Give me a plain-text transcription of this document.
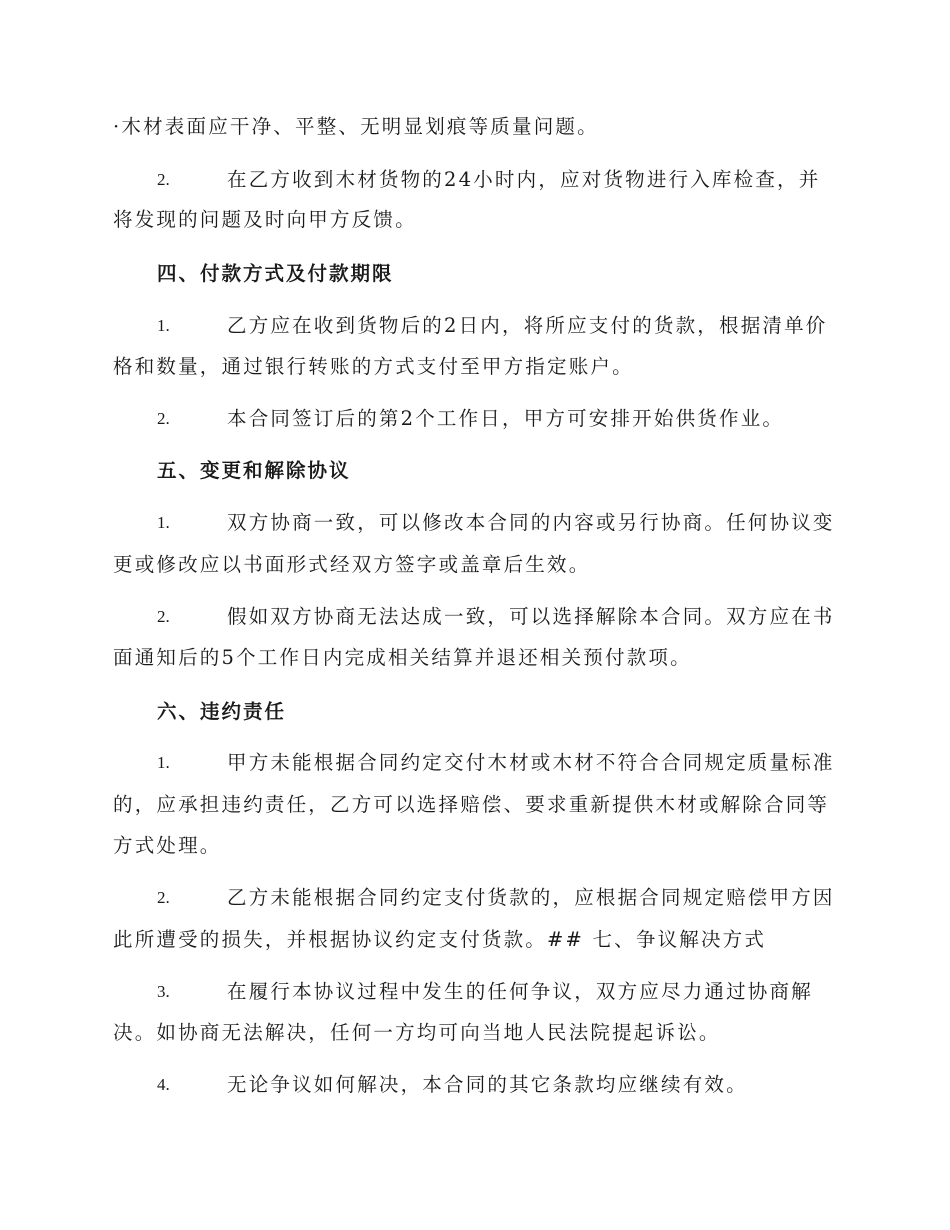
·木材表面应干净、平整、无明显划痕等质量问题。
2.	在乙方收到木材货物的24小时内，应对货物进行入库检查，并
将发现的问题及时向甲方反馈。
四、付款方式及付款期限
1.	乙方应在收到货物后的2日内，将所应支付的货款，根据清单价
格和数量，通过银行转账的方式支付至甲方指定账户。
2.	本合同签订后的第2个工作日，甲方可安排开始供货作业。
五、变更和解除协议
1.	双方协商一致，可以修改本合同的内容或另行协商。任何协议变
更或修改应以书面形式经双方签字或盖章后生效。
2.	假如双方协商无法达成一致，可以选择解除本合同。双方应在书
面通知后的5个工作日内完成相关结算并退还相关预付款项。
六、违约责任
1.	甲方未能根据合同约定交付木材或木材不符合合同规定质量标准
的，应承担违约责任，乙方可以选择赔偿、要求重新提供木材或解除合同等
方式处理。
2.	乙方未能根据合同约定支付货款的，应根据合同规定赔偿甲方因
此所遭受的损失，并根据协议约定支付货款。## 七、争议解决方式
3.	在履行本协议过程中发生的任何争议，双方应尽力通过协商解
决。如协商无法解决，任何一方均可向当地人民法院提起诉讼。
4.	无论争议如何解决，本合同的其它条款均应继续有效。
